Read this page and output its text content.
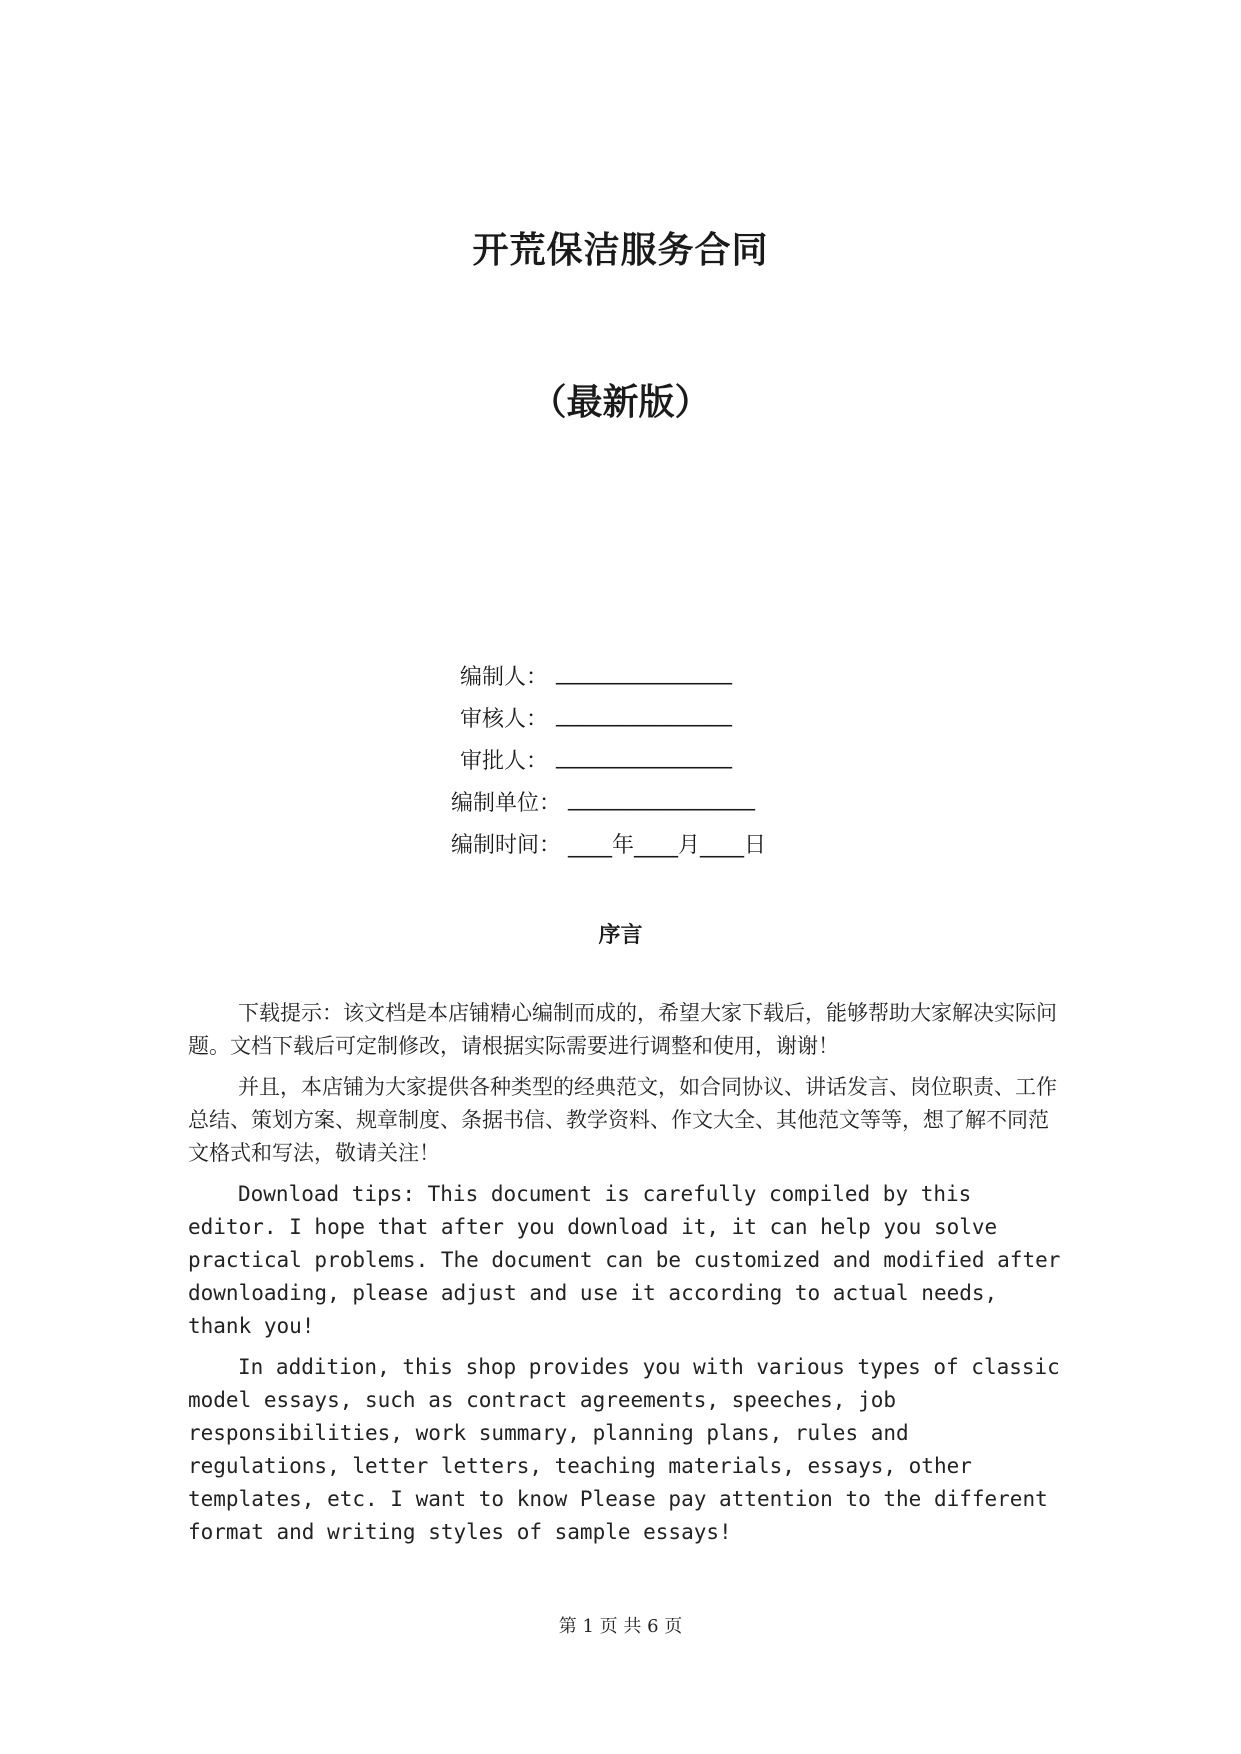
开荒保洁服务合同
（最新版）
编制人： ________________
审核人： ________________
审批人： ________________
编制单位： _________________
编制时间： ____年____月____日
序言

下载提示：该文档是本店铺精心编制而成的，希望大家下载后，能够帮助大家解决实际问题。文档下载后可定制修改，请根据实际需要进行调整和使用，谢谢！

并且，本店铺为大家提供各种类型的经典范文，如合同协议、讲话发言、岗位职责、工作总结、策划方案、规章制度、条据书信、教学资料、作文大全、其他范文等等，想了解不同范文格式和写法，敬请关注！

Download tips: This document is carefully compiled by this editor. I hope that after you download it, it can help you solve practical problems. The document can be customized and modified after downloading, please adjust and use it according to actual needs, thank you!

In addition, this shop provides you with various types of classic model essays, such as contract agreements, speeches, job responsibilities, work summary, planning plans, rules and regulations, letter letters, teaching materials, essays, other templates, etc. I want to know Please pay attention to the different format and writing styles of sample essays!

第 1 页 共 6 页
